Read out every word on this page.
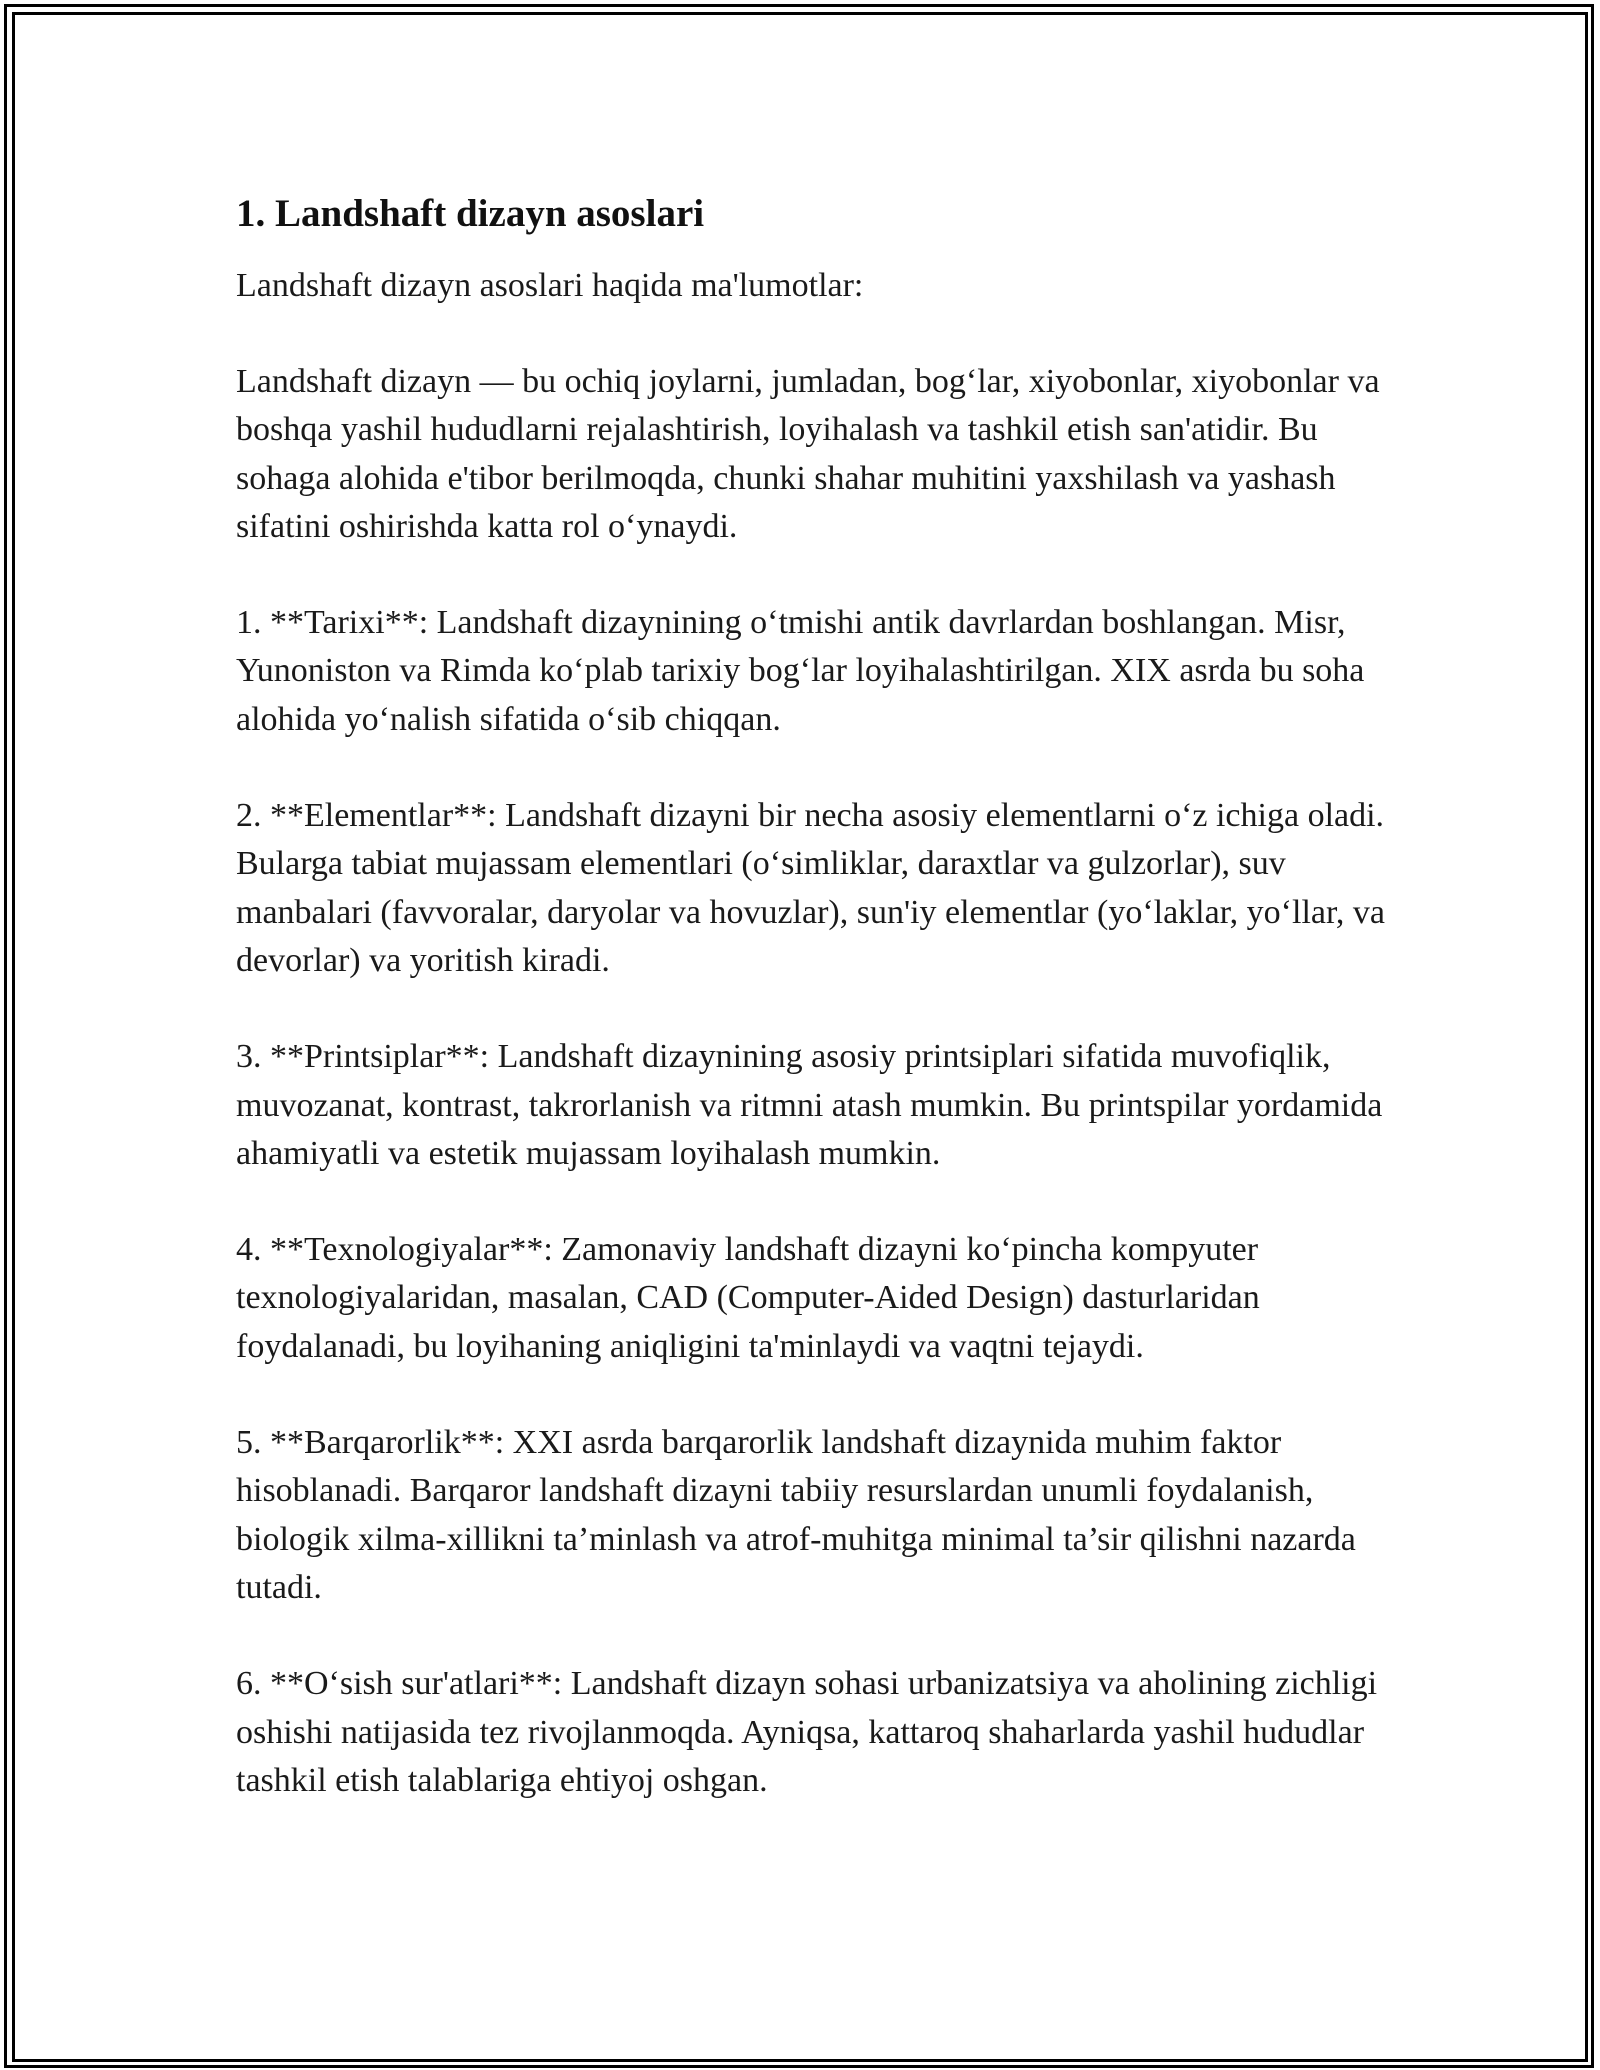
1. Landshaft dizayn asoslari

Landshaft dizayn asoslari haqida ma'lumotlar:

Landshaft dizayn — bu ochiq joylarni, jumladan, bog‘lar, xiyobonlar, xiyobonlar va boshqa yashil hududlarni rejalashtirish, loyihalash va tashkil etish san'atidir. Bu sohaga alohida e'tibor berilmoqda, chunki shahar muhitini yaxshilash va yashash sifatini oshirishda katta rol o‘ynaydi.

1. **Tarixi**: Landshaft dizaynining o‘tmishi antik davrlardan boshlangan. Misr, Yunoniston va Rimda ko‘plab tarixiy bog‘lar loyihalashtirilgan. XIX asrda bu soha alohida yo‘nalish sifatida o‘sib chiqqan.

2. **Elementlar**: Landshaft dizayni bir necha asosiy elementlarni o‘z ichiga oladi. Bularga tabiat mujassam elementlari (o‘simliklar, daraxtlar va gulzorlar), suv manbalari (favvoralar, daryolar va hovuzlar), sun'iy elementlar (yo‘laklar, yo‘llar, va devorlar) va yoritish kiradi.

3. **Printsiplar**: Landshaft dizaynining asosiy printsiplari sifatida muvofiqlik, muvozanat, kontrast, takrorlanish va ritmni atash mumkin. Bu printspilar yordamida ahamiyatli va estetik mujassam loyihalash mumkin.

4. **Texnologiyalar**: Zamonaviy landshaft dizayni ko‘pincha kompyuter texnologiyalaridan, masalan, CAD (Computer-Aided Design) dasturlaridan foydalanadi, bu loyihaning aniqligini ta'minlaydi va vaqtni tejaydi.

5. **Barqarorlik**: XXI asrda barqarorlik landshaft dizaynida muhim faktor hisoblanadi. Barqaror landshaft dizayni tabiiy resurslardan unumli foydalanish, biologik xilma-xillikni ta’minlash va atrof-muhitga minimal ta’sir qilishni nazarda tutadi.

6. **O‘sish sur'atlari**: Landshaft dizayn sohasi urbanizatsiya va aholining zichligi oshishi natijasida tez rivojlanmoqda. Ayniqsa, kattaroq shaharlarda yashil hududlar tashkil etish talablariga ehtiyoj oshgan.
